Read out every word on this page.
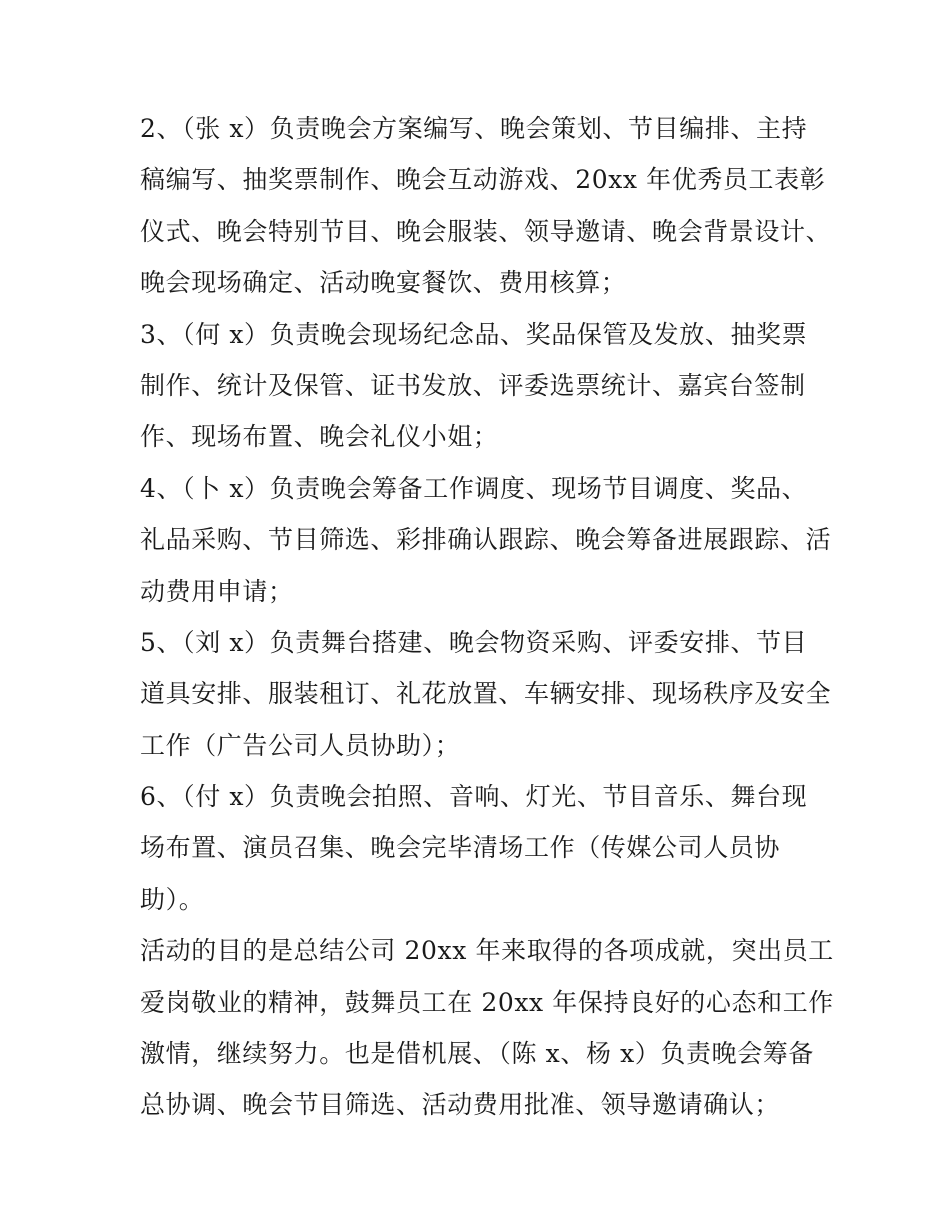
2、（张 x）负责晚会方案编写、晚会策划、节目编排、主持
稿编写、抽奖票制作、晚会互动游戏、20xx 年优秀员工表彰
仪式、晚会特别节目、晚会服装、领导邀请、晚会背景设计、
晚会现场确定、活动晚宴餐饮、费用核算；
3、（何 x）负责晚会现场纪念品、奖品保管及发放、抽奖票
制作、统计及保管、证书发放、评委选票统计、嘉宾台签制
作、现场布置、晚会礼仪小姐；
4、（卜 x）负责晚会筹备工作调度、现场节目调度、奖品、
礼品采购、节目筛选、彩排确认跟踪、晚会筹备进展跟踪、活
动费用申请；
5、（刘 x）负责舞台搭建、晚会物资采购、评委安排、节目
道具安排、服装租订、礼花放置、车辆安排、现场秩序及安全
工作（广告公司人员协助）；
6、（付 x）负责晚会拍照、音响、灯光、节目音乐、舞台现
场布置、演员召集、晚会完毕清场工作（传媒公司人员协
助）。
活动的目的是总结公司 20xx 年来取得的各项成就，突出员工
爱岗敬业的精神，鼓舞员工在 20xx 年保持良好的心态和工作
激情，继续努力。也是借机展、（陈 x、杨 x）负责晚会筹备
总协调、晚会节目筛选、活动费用批准、领导邀请确认；
